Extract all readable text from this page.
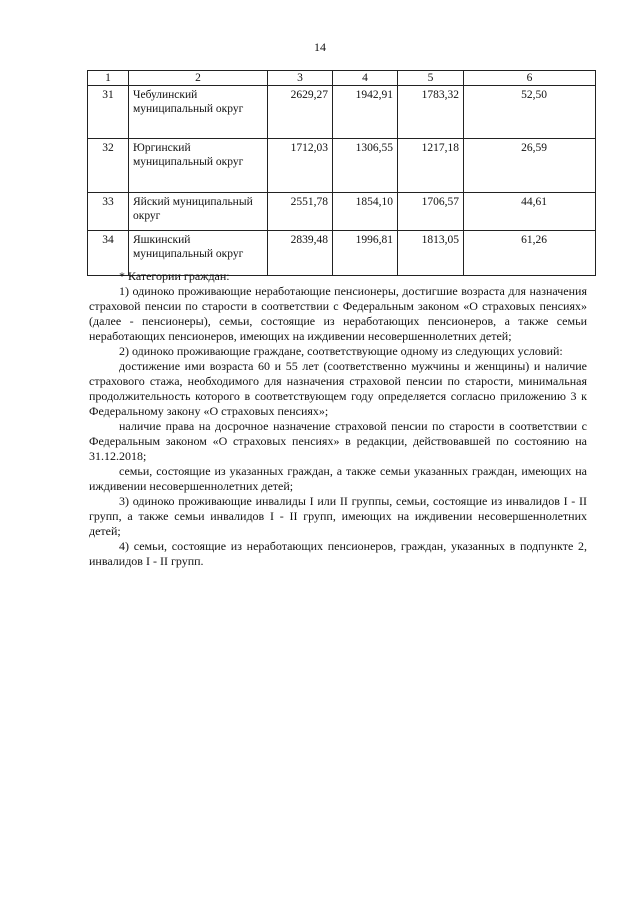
14
1	2	3	4	5	6
31	Чебулинский муниципальный округ	2629,27	1942,91	1783,32	52,50
32	Юргинский муниципальный округ	1712,03	1306,55	1217,18	26,59
33	Яйский муниципальный округ	2551,78	1854,10	1706,57	44,61
34	Яшкинский муниципальный округ	2839,48	1996,81	1813,05	61,26

* Категории граждан:

1) одиноко проживающие неработающие пенсионеры, достигшие возраста для назначения страховой пенсии по старости в соответствии с Федеральным законом «О страховых пенсиях» (далее - пенсионеры), семьи, состоящие из неработающих пенсионеров, а также семьи неработающих пенсионеров, имеющих на иждивении несовершеннолетних детей;

2) одиноко проживающие граждане, соответствующие одному из следующих условий:

достижение ими возраста 60 и 55 лет (соответственно мужчины и женщины) и наличие страхового стажа, необходимого для назначения страховой пенсии по старости, минимальная продолжительность которого в соответствующем году определяется согласно приложению 3 к Федеральному закону «О страховых пенсиях»;

наличие права на досрочное назначение страховой пенсии по старости в соответствии с Федеральным законом «О страховых пенсиях» в редакции, действовавшей по состоянию на 31.12.2018;

семьи, состоящие из указанных граждан, а также семьи указанных граждан, имеющих на иждивении несовершеннолетних детей;

3) одиноко проживающие инвалиды I или II группы, семьи, состоящие из инвалидов I - II групп, а также семьи инвалидов I - II групп, имеющих на иждивении несовершеннолетних детей;

4) семьи, состоящие из неработающих пенсионеров, граждан, указанных в подпункте 2, инвалидов I - II групп.
